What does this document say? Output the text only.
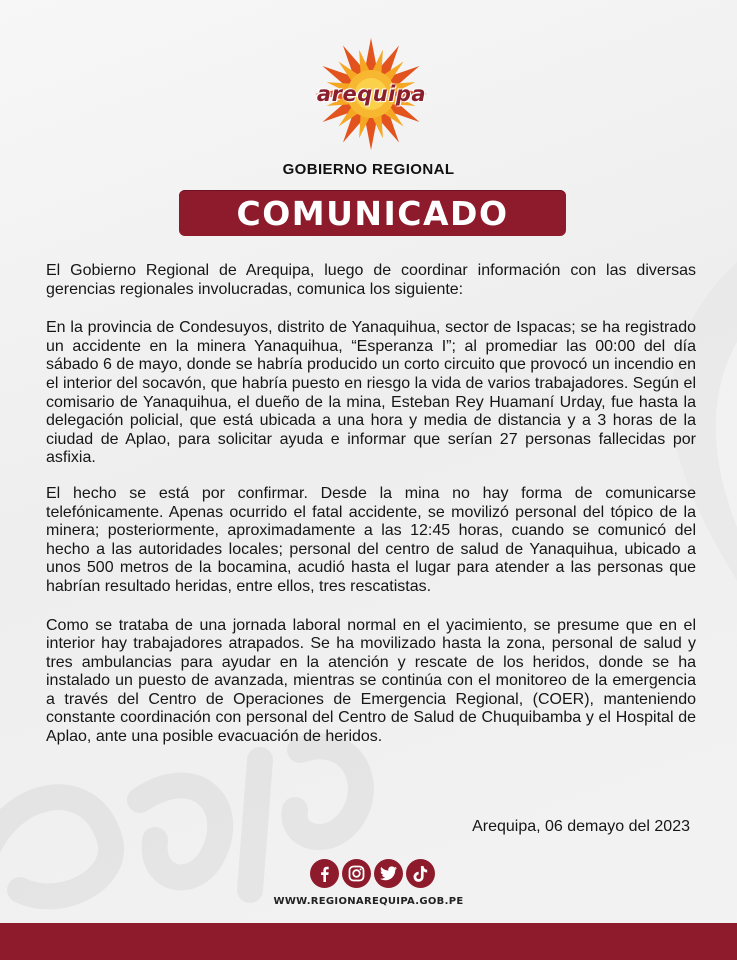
arequipa
GOBIERNO REGIONAL
COMUNICADO

El Gobierno Regional de Arequipa, luego de coordinar información con las diversas gerencias regionales involucradas, comunica los siguiente:

En la provincia de Condesuyos, distrito de Yanaquihua, sector de Ispacas; se ha registrado un accidente en la minera Yanaquihua, “Esperanza I”; al promediar las 00:00 del día sábado 6 de mayo, donde se habría producido un corto circuito que provocó un incendio en el interior del socavón, que habría puesto en riesgo la vida de varios trabajadores. Según el comisario de Yanaquihua, el dueño de la mina, Esteban Rey Huamaní Urday, fue hasta la delegación policial, que está ubicada a una hora y media de distancia y a 3 horas de la ciudad de Aplao, para solicitar ayuda e informar que serían 27 personas fallecidas por asfixia.

El hecho se está por confirmar. Desde la mina no hay forma de comunicarse telefónicamente. Apenas ocurrido el fatal accidente, se movilizó personal del tópico de la minera; posteriormente, aproximadamente a las 12:45 horas, cuando se comunicó del hecho a las autoridades locales; personal del centro de salud de Yanaquihua, ubicado a unos 500 metros de la bocamina, acudió hasta el lugar para atender a las personas que habrían resultado heridas, entre ellos, tres rescatistas.

Como se trataba de una jornada laboral normal en el yacimiento, se presume que en el interior hay trabajadores atrapados. Se ha movilizado hasta la zona, personal de salud y tres ambulancias para ayudar en la atención y rescate de los heridos, donde se ha instalado un puesto de avanzada, mientras se continúa con el monitoreo de la emergencia a través del Centro de Operaciones de Emergencia Regional, (COER), manteniendo constante coordinación con personal del Centro de Salud de Chuquibamba y el Hospital de Aplao, ante una posible evacuación de heridos.

Arequipa, 06 demayo del 2023
WWW.REGIONAREQUIPA.GOB.PE
